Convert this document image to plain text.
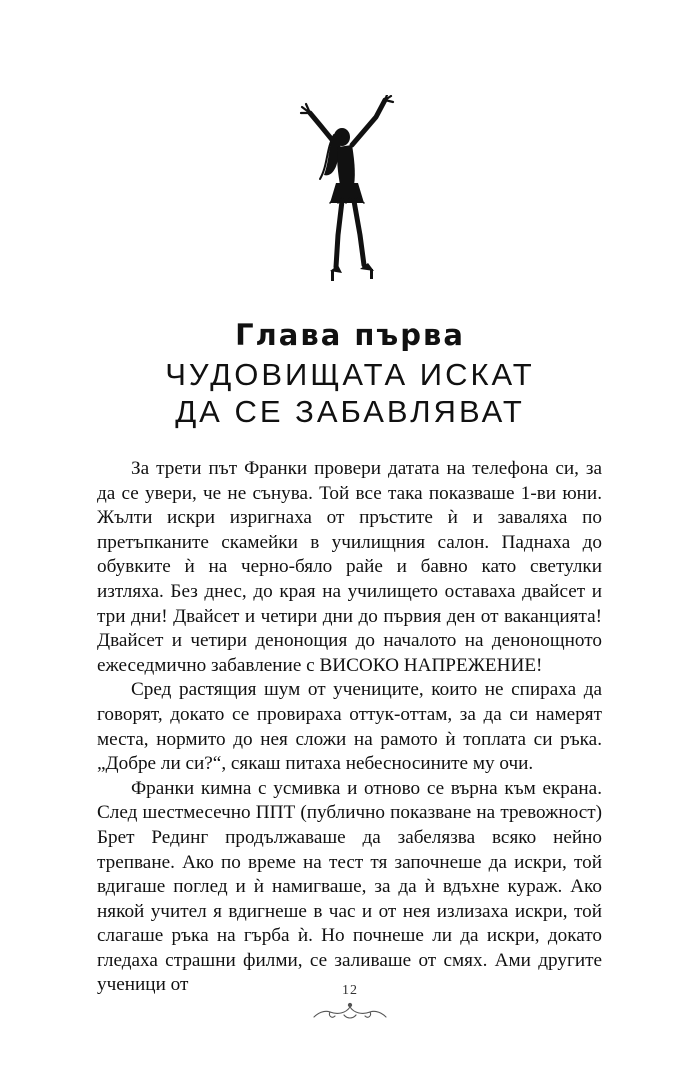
Глава първа
ЧУДОВИЩАТА ИСКАТ
ДА СЕ ЗАБАВЛЯВАТ

За трети път Франки провери датата на телефона си, за да се увери, че не сънува. Той все така показваше 1-ви юни. Жълти искри изригнаха от пръстите ѝ и заваляха по претъпканите скамейки в училищния салон. Паднаха до обувките ѝ на черно-бяло райе и бавно като светулки изтляха. Без днес, до края на училището оставаха двайсет и три дни! Двайсет и четири дни до първия ден от ваканцията! Двайсет и четири денонощия до началото на денонощното ежеседмично забавление с ВИСОКО НАПРЕЖЕНИЕ!

Сред растящия шум от учениците, които не спираха да говорят, докато се провираха оттук-оттам, за да си намерят места, нормито до нея сложи на рамото ѝ топлата си ръка. „Добре ли си?“, сякаш питаха небесносините му очи.

Франки кимна с усмивка и отново се върна към екрана. След шестмесечно ППТ (публично показване на тревожност) Брет Рединг продължаваше да забелязва всяко нейно трепване. Ако по време на тест тя започнеше да искри, той вдигаше поглед и ѝ намигваше, за да ѝ вдъхне кураж. Ако някой учител я вдигнеше в час и от нея излизаха искри, той слагаше ръка на гърба ѝ. Но почнеше ли да искри, докато гледаха страшни филми, се заливаше от смях. Ами другите ученици от	12
